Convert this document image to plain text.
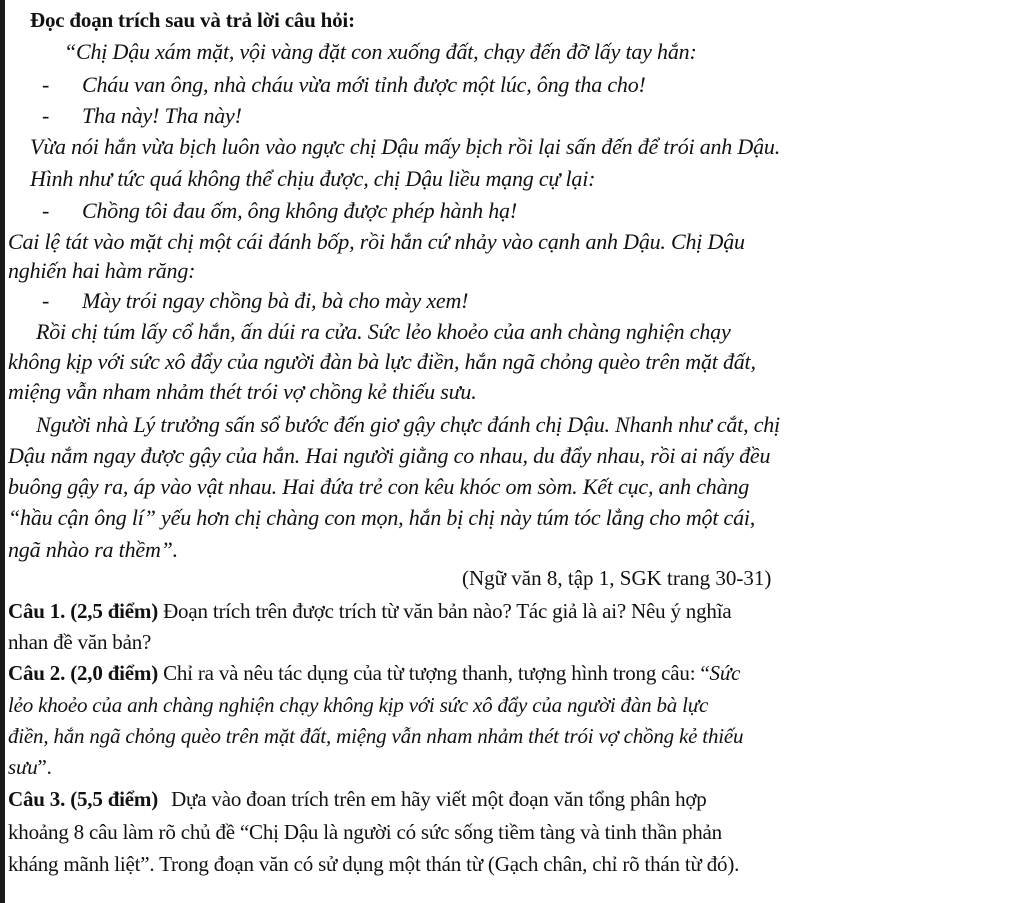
Đọc đoạn trích sau và trả lời câu hỏi:
“Chị Dậu xám mặt, vội vàng đặt con xuống đất, chạy đến đỡ lấy tay hắn:
- Cháu van ông, nhà cháu vừa mới tỉnh được một lúc, ông tha cho!
- Tha này! Tha này!
Vừa nói hắn vừa bịch luôn vào ngực chị Dậu mấy bịch rồi lại sấn đến để trói anh Dậu.
Hình như tức quá không thể chịu được, chị Dậu liều mạng cự lại:
- Chồng tôi đau ốm, ông không được phép hành hạ!
Cai lệ tát vào mặt chị một cái đánh bốp, rồi hắn cứ nhảy vào cạnh anh Dậu. Chị Dậu
nghiến hai hàm răng:
- Mày trói ngay chồng bà đi, bà cho mày xem!
Rồi chị túm lấy cổ hắn, ấn dúi ra cửa. Sức lẻo khoẻo của anh chàng nghiện chạy
không kịp với sức xô đẩy của người đàn bà lực điền, hắn ngã chỏng quèo trên mặt đất,
miệng vẫn nham nhảm thét trói vợ chồng kẻ thiếu sưu.
Người nhà Lý trưởng sấn sổ bước đến giơ gậy chực đánh chị Dậu. Nhanh như cắt, chị
Dậu nắm ngay được gậy của hắn. Hai người giằng co nhau, du đẩy nhau, rồi ai nấy đều
buông gậy ra, áp vào vật nhau. Hai đứa trẻ con kêu khóc om sòm. Kết cục, anh chàng
“hầu cận ông lí” yếu hơn chị chàng con mọn, hắn bị chị này túm tóc lẳng cho một cái,
ngã nhào ra thềm”.
(Ngữ văn 8, tập 1, SGK trang 30-31)
Câu 1. (2,5 điểm) Đoạn trích trên được trích từ văn bản nào? Tác giả là ai? Nêu ý nghĩa
nhan đề văn bản?
Câu 2. (2,0 điểm) Chỉ ra và nêu tác dụng của từ tượng thanh, tượng hình trong câu: “Sức
lẻo khoẻo của anh chàng nghiện chạy không kịp với sức xô đẩy của người đàn bà lực
điền, hắn ngã chỏng quèo trên mặt đất, miệng vẫn nham nhảm thét trói vợ chồng kẻ thiếu
sưu”.
Câu 3. (5,5 điểm) Dựa vào đoan trích trên em hãy viết một đoạn văn tổng phân hợp
khoảng 8 câu làm rõ chủ đề “Chị Dậu là người có sức sống tiềm tàng và tinh thần phản
kháng mãnh liệt”. Trong đoạn văn có sử dụng một thán từ (Gạch chân, chỉ rõ thán từ đó).
